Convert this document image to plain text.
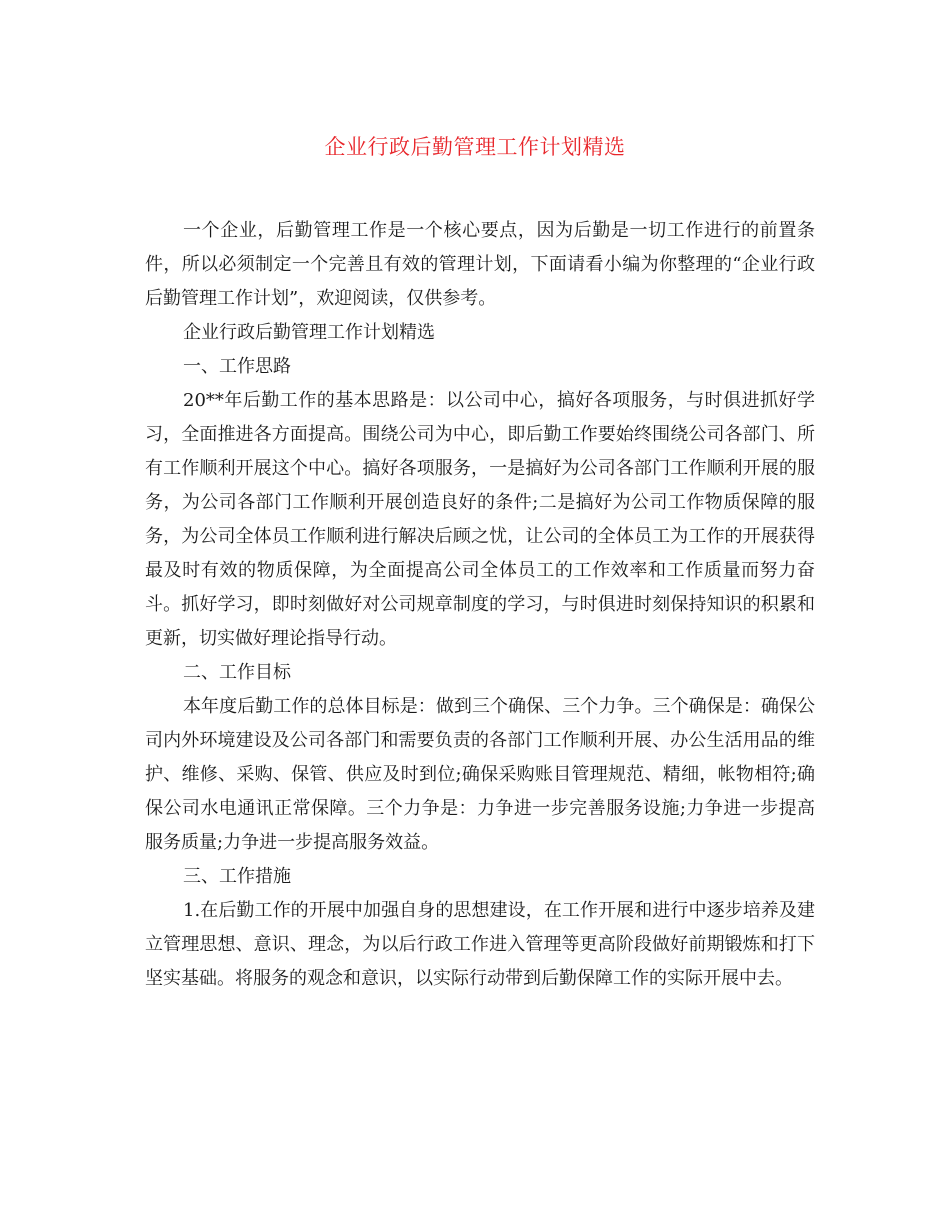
企业行政后勤管理工作计划精选

一个企业，后勤管理工作是一个核心要点，因为后勤是一切工作进行的前置条件，所以必须制定一个完善且有效的管理计划，下面请看小编为你整理的“企业行政后勤管理工作计划”，欢迎阅读，仅供参考。

企业行政后勤管理工作计划精选

一、工作思路

20**年后勤工作的基本思路是：以公司中心，搞好各项服务，与时俱进抓好学习，全面推进各方面提高。围绕公司为中心，即后勤工作要始终围绕公司各部门、所有工作顺利开展这个中心。搞好各项服务，一是搞好为公司各部门工作顺利开展的服务，为公司各部门工作顺利开展创造良好的条件;二是搞好为公司工作物质保障的服务，为公司全体员工作顺利进行解决后顾之忧，让公司的全体员工为工作的开展获得最及时有效的物质保障，为全面提高公司全体员工的工作效率和工作质量而努力奋斗。抓好学习，即时刻做好对公司规章制度的学习，与时俱进时刻保持知识的积累和更新，切实做好理论指导行动。

二、工作目标

本年度后勤工作的总体目标是：做到三个确保、三个力争。三个确保是：确保公司内外环境建设及公司各部门和需要负责的各部门工作顺利开展、办公生活用品的维护、维修、采购、保管、供应及时到位;确保采购账目管理规范、精细，帐物相符;确保公司水电通讯正常保障。三个力争是：力争进一步完善服务设施;力争进一步提高服务质量;力争进一步提高服务效益。

三、工作措施

1.在后勤工作的开展中加强自身的思想建设，在工作开展和进行中逐步培养及建立管理思想、意识、理念，为以后行政工作进入管理等更高阶段做好前期锻炼和打下坚实基础。将服务的观念和意识，以实际行动带到后勤保障工作的实际开展中去。
